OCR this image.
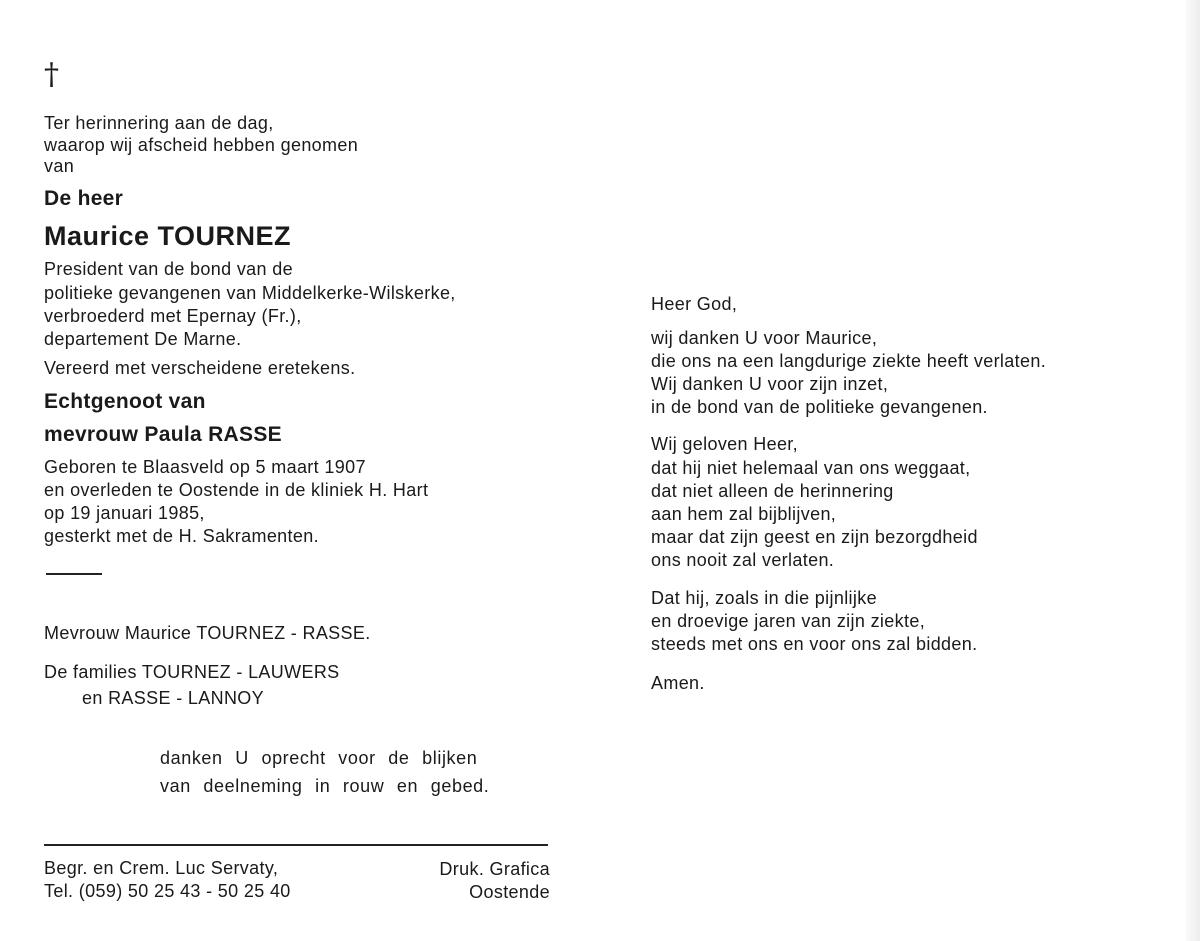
†
Ter herinnering aan de dag,
waarop wij afscheid hebben genomen
van
De heer
Maurice TOURNEZ
President van de bond van de
politieke gevangenen van Middelkerke-Wilskerke,
verbroederd met Epernay (Fr.),
departement De Marne.
Vereerd met verscheidene eretekens.
Echtgenoot van
mevrouw Paula RASSE
Geboren te Blaasveld op 5 maart 1907
en overleden te Oostende in de kliniek H. Hart
op 19 januari 1985,
gesterkt met de H. Sakramenten.
Mevrouw Maurice TOURNEZ - RASSE.
De families TOURNEZ - LAUWERS
en RASSE - LANNOY
danken U oprecht voor de blijken
van deelneming in rouw en gebed.
Begr. en Crem. Luc Servaty,
Tel. (059) 50 25 43 - 50 25 40
Druk. Grafica
Oostende
Heer God,
wij danken U voor Maurice,
die ons na een langdurige ziekte heeft verlaten.
Wij danken U voor zijn inzet,
in de bond van de politieke gevangenen.
Wij geloven Heer,
dat hij niet helemaal van ons weggaat,
dat niet alleen de herinnering
aan hem zal bijblijven,
maar dat zijn geest en zijn bezorgdheid
ons nooit zal verlaten.
Dat hij, zoals in die pijnlijke
en droevige jaren van zijn ziekte,
steeds met ons en voor ons zal bidden.
Amen.
